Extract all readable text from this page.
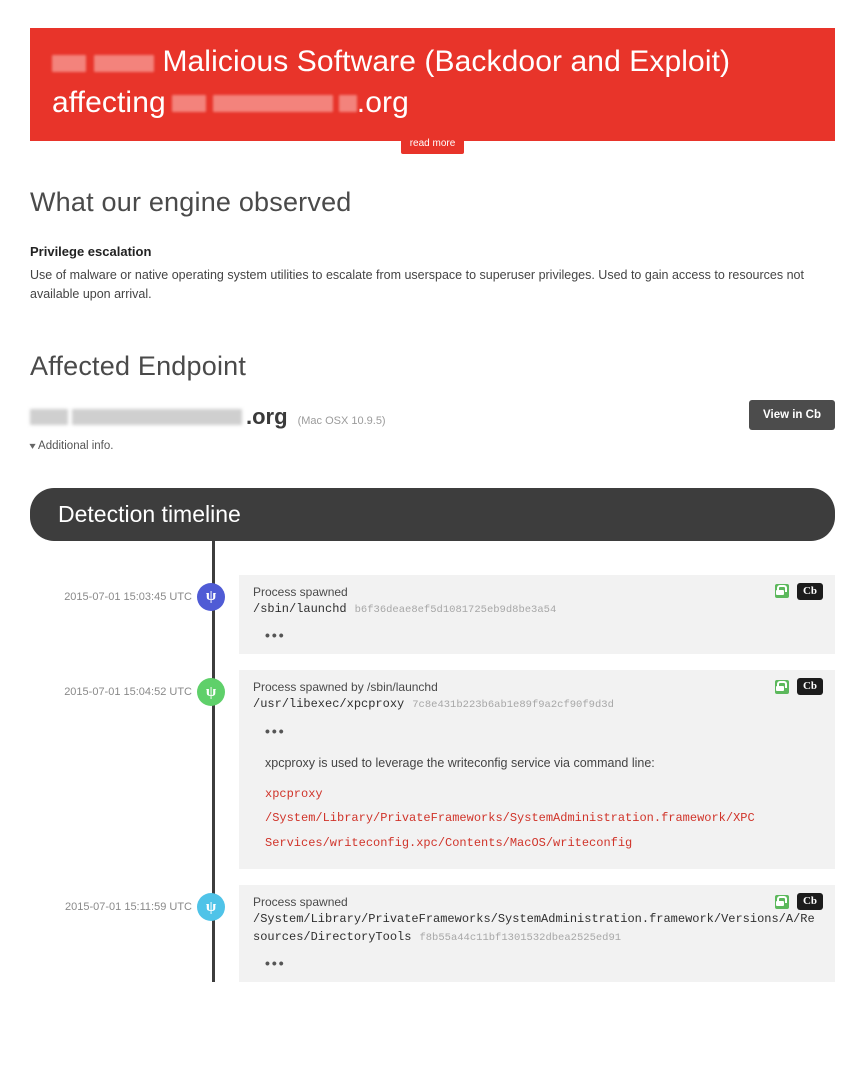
Malicious Software (Backdoor and Exploit)
affecting	.org
read more
What our engine observed
Privilege escalation
Use of malware or native operating system utilities to escalate from userspace to superuser privileges. Used to gain access to resources not available upon arrival.
Affected Endpoint
.org (Mac OSX 10.9.5)
▾ Additional info.
View in Cb
Detection timeline
2015-07-01 15:03:45 UTC ψ	Cb
Process spawned
/sbin/launchd b6f36deae8ef5d1081725eb9d8be3a54
•••
2015-07-01 15:04:52 UTC ψ	Cb
Process spawned by /sbin/launchd
/usr/libexec/xpcproxy 7c8e431b223b6ab1e89f9a2cf90f9d3d
•••
xpcproxy is used to leverage the writeconfig service via command line:
xpcproxy
/System/Library/PrivateFrameworks/SystemAdministration.framework/XPC
Services/writeconfig.xpc/Contents/MacOS/writeconfig
2015-07-01 15:11:59 UTC ψ	Cb
Process spawned
/System/Library/PrivateFrameworks/SystemAdministration.framework/Versions/A/Resources/DirectoryTools f8b55a44c11bf1301532dbea2525ed91
•••
